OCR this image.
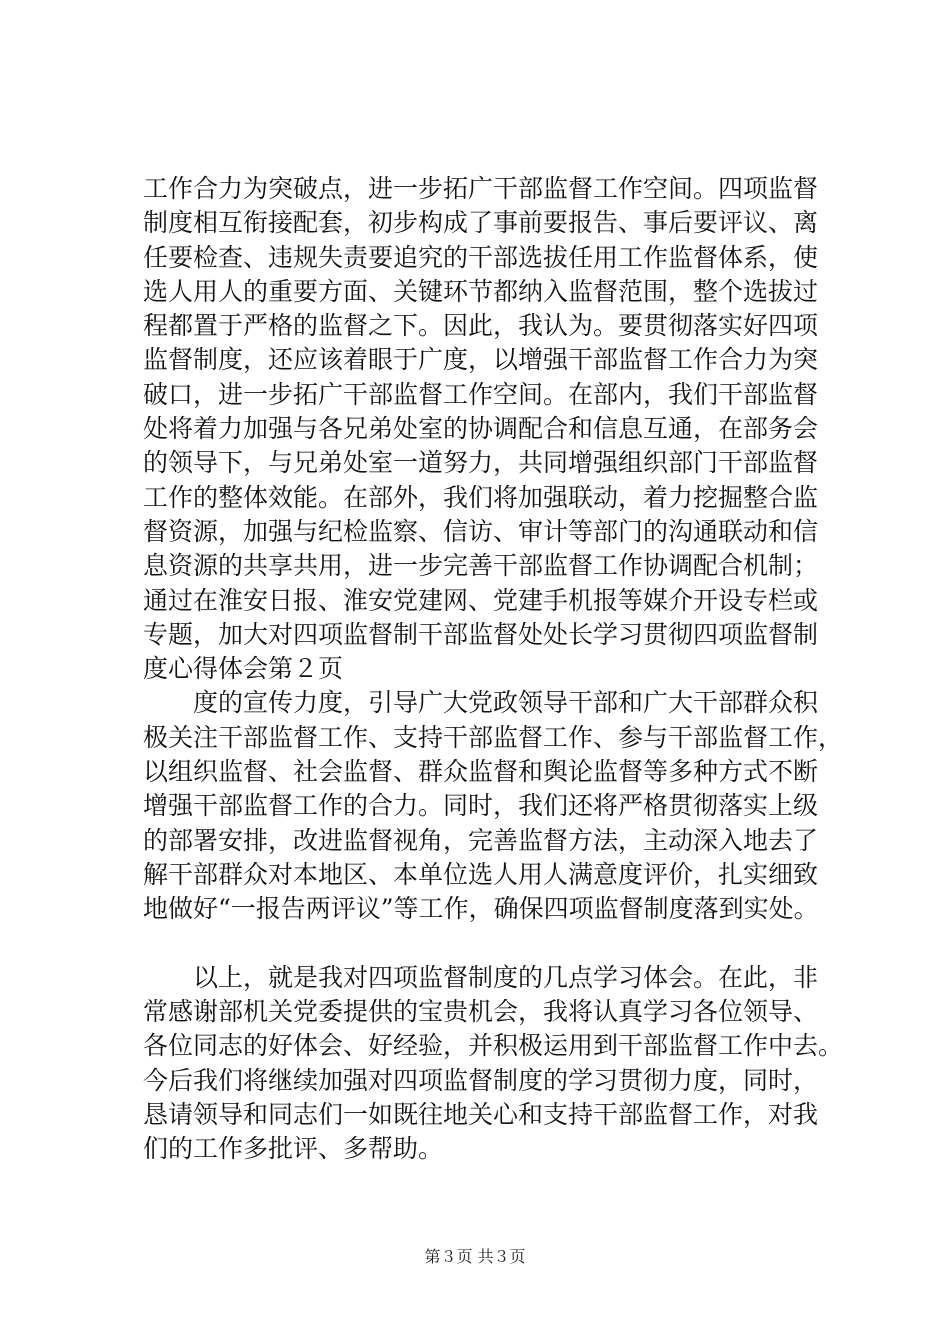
工作合力为突破点，进一步拓广干部监督工作空间。四项监督
制度相互衔接配套，初步构成了事前要报告、事后要评议、离
任要检查、违规失责要追究的干部选拔任用工作监督体系，使
选人用人的重要方面、关键环节都纳入监督范围，整个选拔过
程都置于严格的监督之下。因此，我认为。要贯彻落实好四项
监督制度，还应该着眼于广度，以增强干部监督工作合力为突
破口，进一步拓广干部监督工作空间。在部内，我们干部监督
处将着力加强与各兄弟处室的协调配合和信息互通，在部务会
的领导下，与兄弟处室一道努力，共同增强组织部门干部监督
工作的整体效能。在部外，我们将加强联动，着力挖掘整合监
督资源，加强与纪检监察、信访、审计等部门的沟通联动和信
息资源的共享共用，进一步完善干部监督工作协调配合机制；
通过在淮安日报、淮安党建网、党建手机报等媒介开设专栏或
专题，加大对四项监督制干部监督处处长学习贯彻四项监督制
度心得体会第２页
　　度的宣传力度，引导广大党政领导干部和广大干部群众积
极关注干部监督工作、支持干部监督工作、参与干部监督工作，
以组织监督、社会监督、群众监督和舆论监督等多种方式不断
增强干部监督工作的合力。同时，我们还将严格贯彻落实上级
的部署安排，改进监督视角，完善监督方法，主动深入地去了
解干部群众对本地区、本单位选人用人满意度评价，扎实细致
地做好“一报告两评议”等工作，确保四项监督制度落到实处。
　　以上，就是我对四项监督制度的几点学习体会。在此，非
常感谢部机关党委提供的宝贵机会，我将认真学习各位领导、
各位同志的好体会、好经验，并积极运用到干部监督工作中去。
今后我们将继续加强对四项监督制度的学习贯彻力度，同时，
恳请领导和同志们一如既往地关心和支持干部监督工作，对我
们的工作多批评、多帮助。
第３页 共３页
